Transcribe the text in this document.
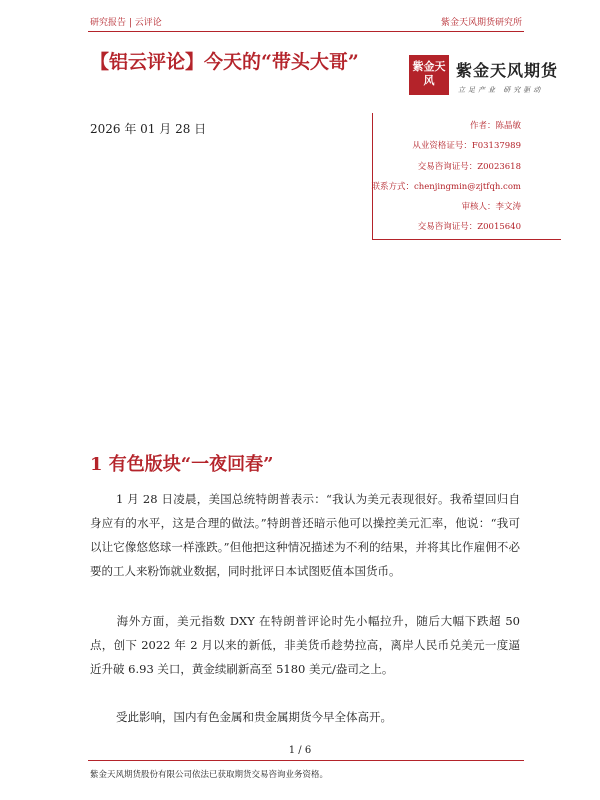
研究报告 | 云评论	紫金天风期货研究所
【铝云评论】今天的“带头大哥”
2026 年 01 月 28 日
紫金天风
紫金天风期货
立足产业 研究驱动
作者：陈晶敏
从业资格证号：F03137989
交易咨询证号：Z0023618
联系方式：chenjingmin@zjtfqh.com
审核人：李文涛
交易咨询证号：Z0015640
1 有色版块“一夜回春”
1 月 28 日凌晨，美国总统特朗普表示：“我认为美元表现很好。我希望回归自身应有的水平，这是合理的做法。”特朗普还暗示他可以操控美元汇率，他说：“我可以让它像悠悠球一样涨跌。”但他把这种情况描述为不利的结果，并将其比作雇佣不必要的工人来粉饰就业数据，同时批评日本试图贬值本国货币。
海外方面，美元指数 DXY 在特朗普评论时先小幅拉升，随后大幅下跌超 50 点，创下 2022 年 2 月以来的新低，非美货币趁势拉高，离岸人民币兑美元一度逼近升破 6.93 关口，黄金续刷新高至 5180 美元/盎司之上。
受此影响，国内有色金属和贵金属期货今早全体高开。
1 / 6
紫金天风期货股份有限公司依法已获取期货交易咨询业务资格。
